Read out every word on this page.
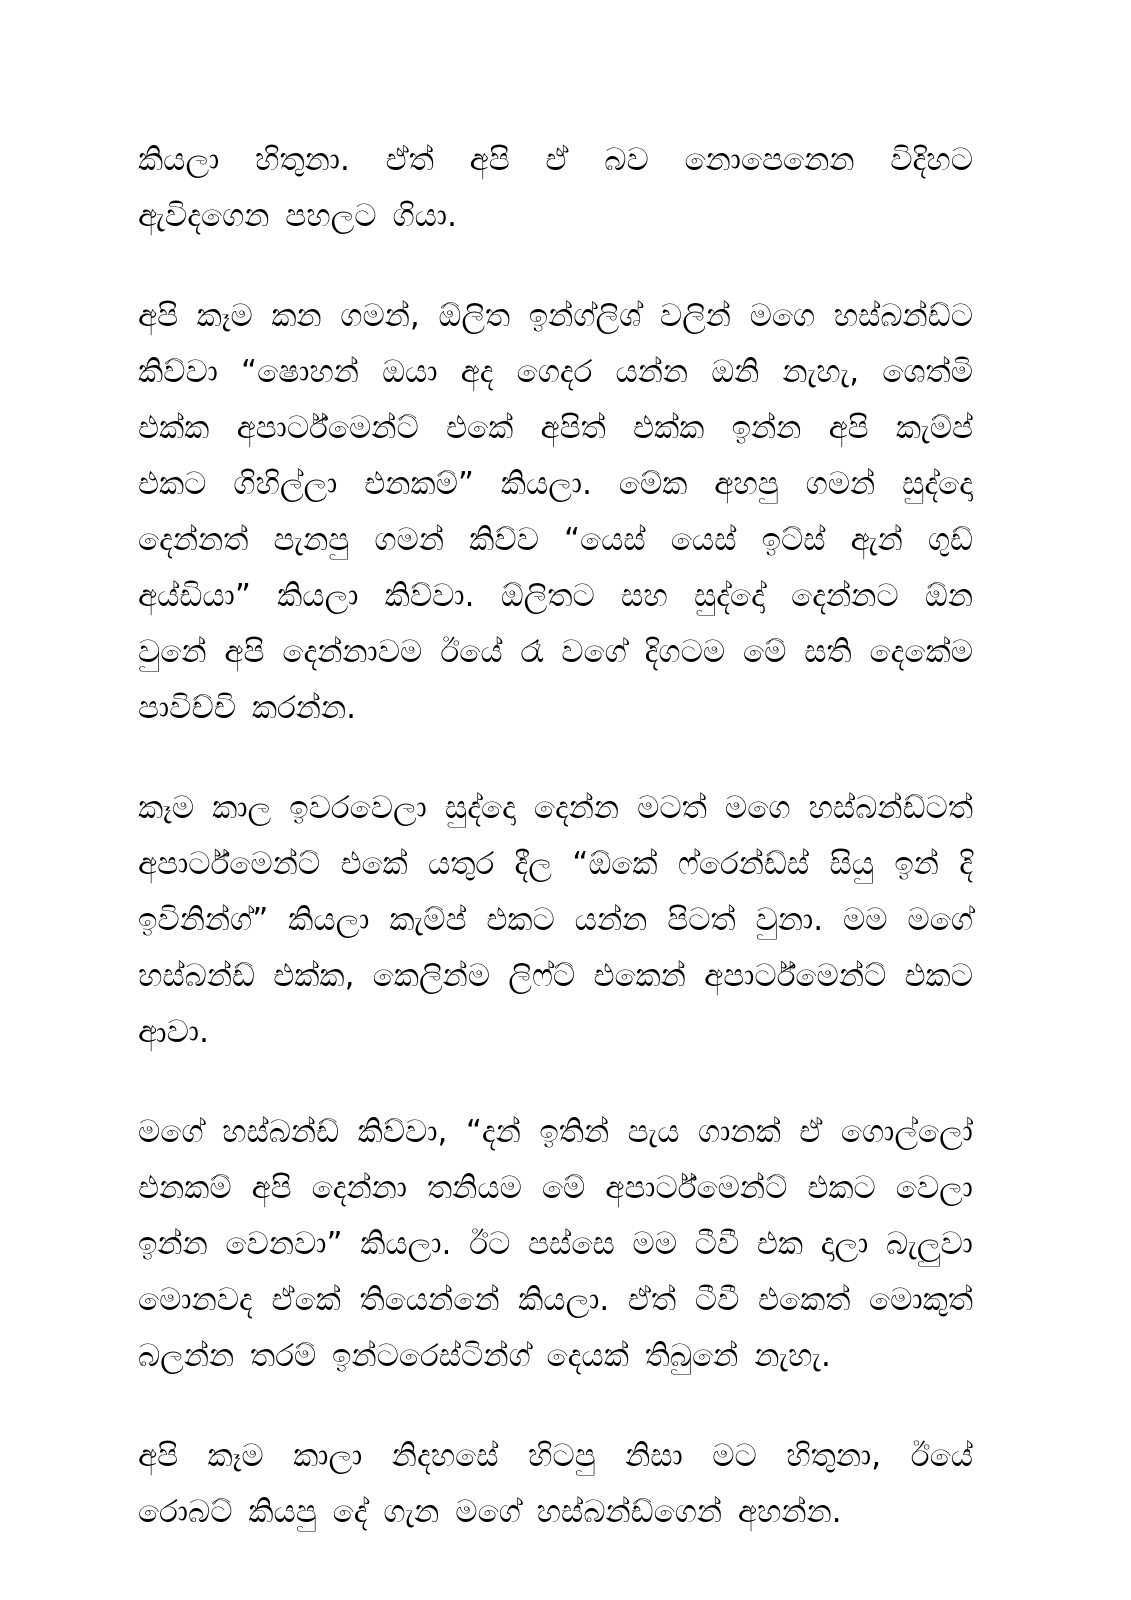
කියලා හිතුනා. ඒත් අපි ඒ බව නොපෙනෙන විදිහට ඇවිදගෙන පහලට ගියා.

අපි කෑම කන ගමන්, ඕලිත ඉන්ග්ලිශ් වලින් මගෙ හස්බන්ඩ්ට කිව්වා “ෂොහන් ඔයා අද ගෙදර යන්න ඔනි නැහැ, ශෙත්මි එක්ක අපාර්ට්මෙන්ට් එකේ අපිත් එක්ක ඉන්න අපි කැම්ප් එකට ගිහිල්ලා එනකම්” කියලා. මේක අහපු ගමන් සුද්දො දෙන්නත් පැනපු ගමන් කිව්ව “යෙස් යෙස් ඉට්ස් ඇන් ගුඩ් අය්ඩියා” කියලා කිව්වා. ඕලිතට සහ සුද්දෝ දෙන්නට ඕන වුනේ අපි දෙන්නාවම ඊයේ රෑ වගේ දිගටම මේ සති දෙකේම පාවිච්චි කරන්න.

කෑම කාල ඉවරවෙලා සුද්දො දෙන්න මටත් මගෙ හස්බන්ඩ්ටත් අපාර්ට්මෙන්ට් එකේ යතුර දීල “ඕකේ ෆ්රෙන්ඩ්ස් සියු ඉන් දි ඉවිනින්ග්” කියලා කැම්ප් එකට යන්න පිටත් වුනා. මම මගේ හස්බන්ඩ් එක්ක, කෙලින්ම ලිෆ්ට් එකෙන් අපාර්ට්මෙන්ට් එකට ආවා.

මගේ හස්බන්ඩ් කිව්වා, “දන් ඉතින් පැය ගානක් ඒ ගොල්ලෝ එනකම් අපි දෙන්නා තනියම මේ අපාර්ට්මෙන්ට් එකට වෙලා ඉන්න වෙනවා” කියලා. ඊට පස්සෙ මම ටීවී එක දාලා බැලුවා මොනවද ඒකේ තියෙන්නේ කියලා. ඒත් ටීවී එකෙත් මොකුත් බලන්න තරම් ඉන්ටරෙස්ටින්ග් දෙයක් තිබුනේ නැහැ.

අපි කෑම කාලා නිදහසේ හිටපු නිසා මට හිතුනා, ඊයේ රොබට් කියපු දේ ගැන මගේ හස්බන්ඩ්ගෙන් අහන්න.
